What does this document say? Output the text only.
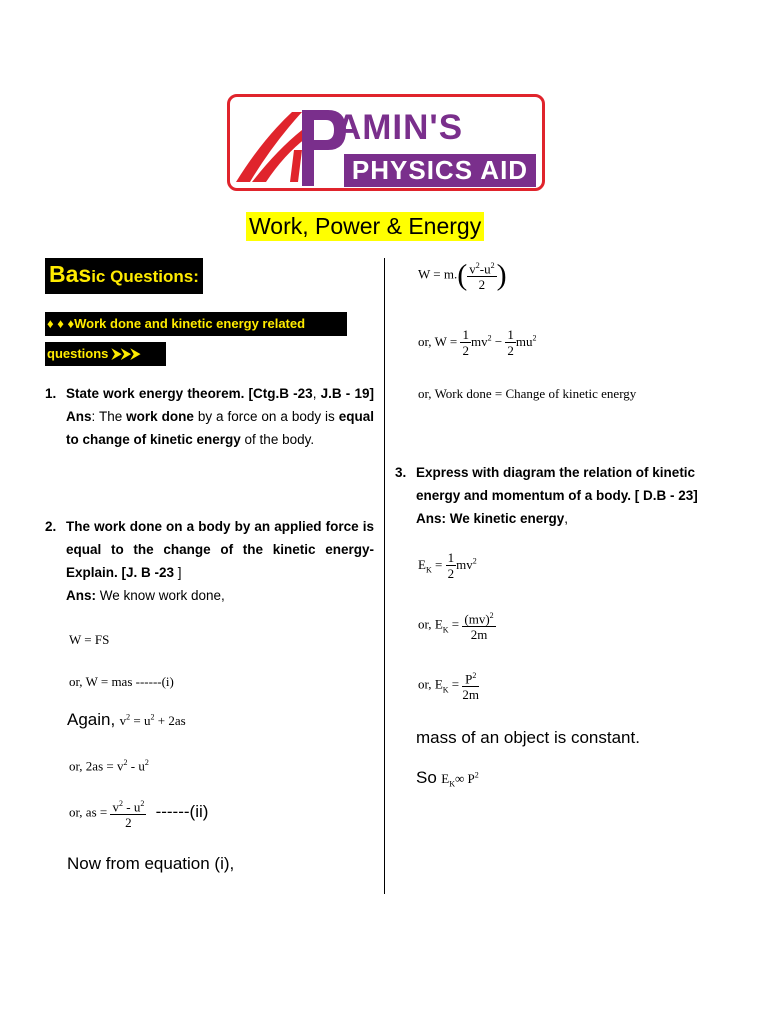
AMIN'S
PHYSICS AID
Work, Power & Energy
Basic Questions:
♦ ♦ ♦Work done and kinetic energy related
questions ⮞⮞⮞
1. State work energy theorem. [Ctg.B -23, J.B - 19] Ans: The work done by a force on a body is equal to change of kinetic energy of the body.
2. The work done on a body by an applied force is equal to the change of the kinetic energy-Explain. [J. B -23 ]
Ans: We know work done,
W = FS
or, W = mas ------(i)
Again, $v^2 = u^2 + 2as$
or, $2as = v^2 - u^2$
or, as = $\frac{v^2 - u^2}{2} ------(ii)$
Now from equation (i),
$W = m.( \frac{v^2-u^2}{2}$ )
or, $W = \frac{1}{2} mv^2 - \frac{1}{2} mu^2$
or, Work done = Change of kinetic energy
3. Express with diagram the relation of kinetic energy and momentum of a body. [ D.B - 23]
Ans: We kinetic energy,
$E_K = \frac{1}{2} mv^2$
or, $E_K = \frac{(mv)^2}{2m}$
or, $E_K = \frac{P^2}{2m}$
mass of an object is constant.
So $E_K\infty$ $P^2$
